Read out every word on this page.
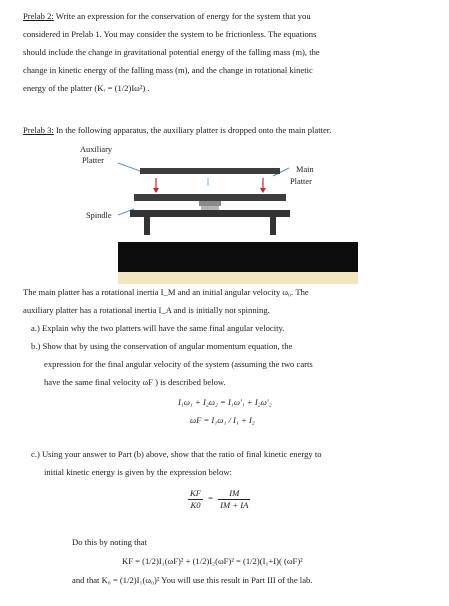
Prelab 2: Write an expression for the conservation of energy for the system that you
considered in Prelab 1. You may consider the system to be frictionless. The equations
should include the change in gravitational potential energy of the falling mass (m), the
change in kinetic energy of the falling mass (m), and the change in rotational kinetic
energy of the platter (Kᵣ = (1/2)Iω²) .
Prelab 3: In the following apparatus, the auxiliary platter is dropped onto the main platter.
Auxiliary
Platter
Main
Platter
Spindle
The main platter has a rotational inertia I_M and an initial angular velocity ω₀. The
auxiliary platter has a rotational inertia I_A and is initially not spinning.
a.) Explain why the two platters will have the same final angular velocity.
b.) Show that by using the conservation of angular momentum equation, the
expression for the final angular velocity of the system (assuming the two carts
have the same final velocity ωF ) is described below.
I₁ω₁ + I₂ω₂ = I₁ω′₁ + I₂ω′₂
ωF = I₁ω₁ / I₁ + I₂
c.) Using your answer to Part (b) above, show that the ratio of final kinetic energy to
initial kinetic energy is given by the expression below:
$\frac{KF}{K0} = \frac{IM}{IM + IA}$
Do this by noting that
KF = (1/2)I₁(ωF)² + (1/2)I₂(ωF)² = (1/2)(I₁+I)( (ωF)²
and that K₀ = (1/2)I₁(ω₀)² You will use this result in Part III of the lab.
